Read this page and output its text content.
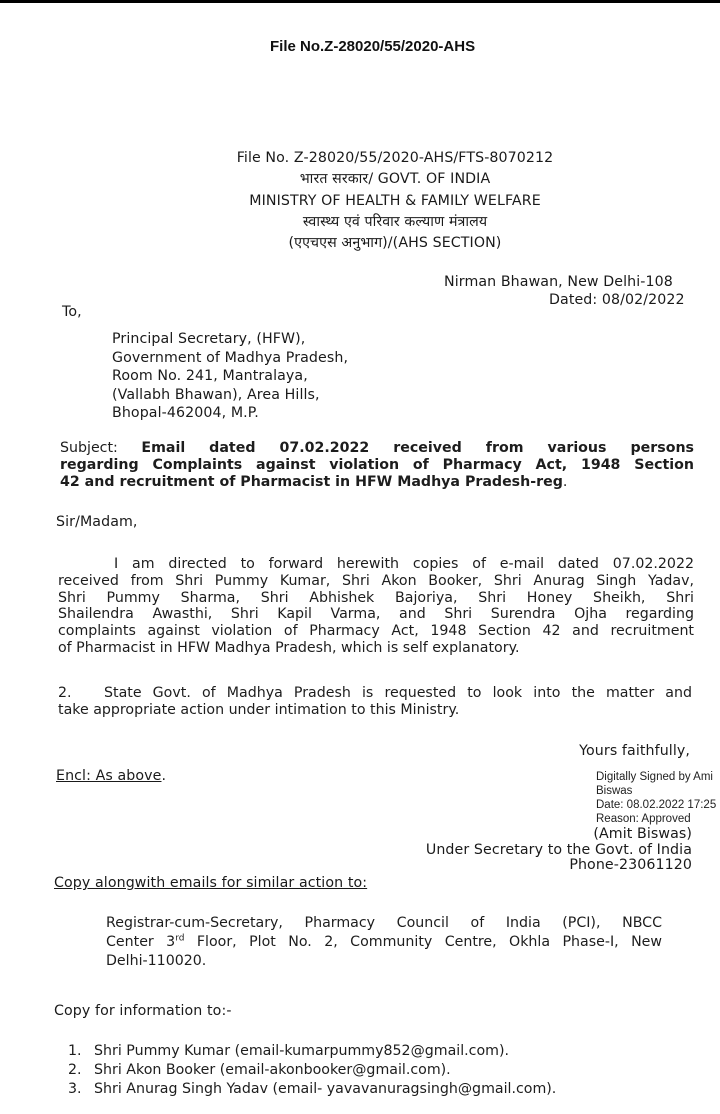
File No.Z-28020/55/2020-AHS
File No. Z-28020/55/2020-AHS/FTS-8070212
भारत सरकार/ GOVT. OF INDIA
MINISTRY OF HEALTH & FAMILY WELFARE
स्वास्थ्य एवं परिवार कल्याण मंत्रालय
(एएचएस अनुभाग)/(AHS SECTION)
Nirman Bhawan, New Delhi-108
Dated: 08/02/2022
To,
Principal Secretary, (HFW),
Government of Madhya Pradesh,
Room No. 241, Mantralaya,
(Vallabh Bhawan), Area Hills,
Bhopal-462004, M.P.
Subject: Email dated 07.02.2022 received from various persons
regarding Complaints against violation of Pharmacy Act, 1948 Section
42 and recruitment of Pharmacist in HFW Madhya Pradesh-reg.
Sir/Madam,
I am directed to forward herewith copies of e-mail dated 07.02.2022
received from Shri Pummy Kumar, Shri Akon Booker, Shri Anurag Singh Yadav,
Shri Pummy Sharma, Shri Abhishek Bajoriya, Shri Honey Sheikh, Shri
Shailendra Awasthi, Shri Kapil Varma, and Shri Surendra Ojha regarding
complaints against violation of Pharmacy Act, 1948 Section 42 and recruitment
of Pharmacist in HFW Madhya Pradesh, which is self explanatory.
2. State Govt. of Madhya Pradesh is requested to look into the matter and
take appropriate action under intimation to this Ministry.
Encl: As above.
Yours faithfully,
Digitally Signed by Ami
Biswas
Date: 08.02.2022 17:25
Reason: Approved
(Amit Biswas)
Under Secretary to the Govt. of India
Phone-23061120
Copy alongwith emails for similar action to:
Registrar-cum-Secretary, Pharmacy Council of India (PCI), NBCC
Center 3rd Floor, Plot No. 2, Community Centre, Okhla Phase-I, New
Delhi-110020.
Copy for information to:-
1. Shri Pummy Kumar (email-kumarpummy852@gmail.com).
2. Shri Akon Booker (email-akonbooker@gmail.com).
3. Shri Anurag Singh Yadav (email- yavavanuragsingh@gmail.com).
